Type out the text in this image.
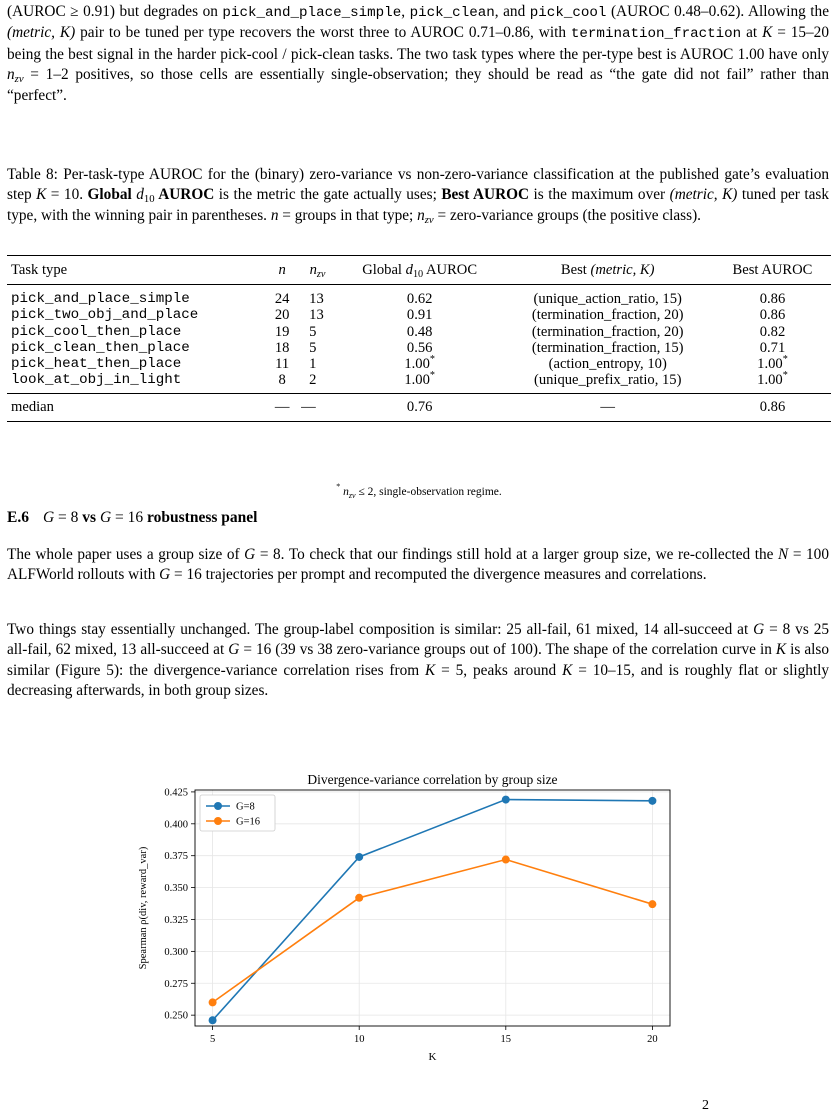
(AUROC ≥ 0.91) but degrades on pick_and_place_simple, pick_clean, and pick_cool (AUROC 0.48–0.62). Allowing the (metric, K) pair to be tuned per type recovers the worst three to AUROC 0.71–0.86, with termination_fraction at K = 15–20 being the best signal in the harder pick-cool / pick-clean tasks. The two task types where the per-type best is AUROC 1.00 have only $n_{zv} = 1-2$ positives, so those cells are essentially single-observation; they should be read as “the gate did not fail” rather than “perfect”.

Table 8: Per-task-type AUROC for the (binary) zero-variance vs non-zero-variance classification at the published gate’s evaluation step K = 10. Global $d_{10}$ AUROC is the metric the gate actually uses; Best AUROC is the maximum over (metric, K) tuned per task type, with the winning pair in parentheses. n = groups in that type; $n_{zv}$ = zero-variance groups (the positive class).

Task type	n	$n_{zv}$	Global $d_{10}$ AUROC	Best (metric, K)	Best AUROC
pick_and_place_simple	24	13	0.62	(unique_action_ratio, 15)	0.86
pick_two_obj_and_place	20	13	0.91	(termination_fraction, 20)	0.86
pick_cool_then_place	19	5	0.48	(termination_fraction, 20)	0.82
pick_clean_then_place	18	5	0.56	(termination_fraction, 15)	0.71
pick_heat_then_place	11	1	1.00*	(action_entropy, 10)	1.00*
look_at_obj_in_light	8	2	1.00*	(unique_prefix_ratio, 15)	1.00*
median	—	—	0.76	—	0.86
* $n_{zv} \le 2$, single-observation regime.
E.6 G = 8 vs G = 16 robustness panel

The whole paper uses a group size of G = 8. To check that our findings still hold at a larger group size, we re-collected the N = 100 ALFWorld rollouts with G = 16 trajectories per prompt and recomputed the divergence measures and correlations.

Two things stay essentially unchanged. The group-label composition is similar: 25 all-fail, 61 mixed, 14 all-succeed at G = 8 vs 25 all-fail, 62 mixed, 13 all-succeed at G = 16 (39 vs 38 zero-variance groups out of 100). The shape of the correlation curve in K is also similar (Figure 5): the divergence-variance correlation rises from K = 5, peaks around K = 10–15, and is roughly flat or slightly decreasing afterwards, in both group sizes.

5	10	15	20
0.250
0.275
0.300
0.325
0.350
0.375
0.400
0.425
Divergence-variance correlation by group size
K
Spearman ρ(div, reward_var)
G=8
G=16
2
